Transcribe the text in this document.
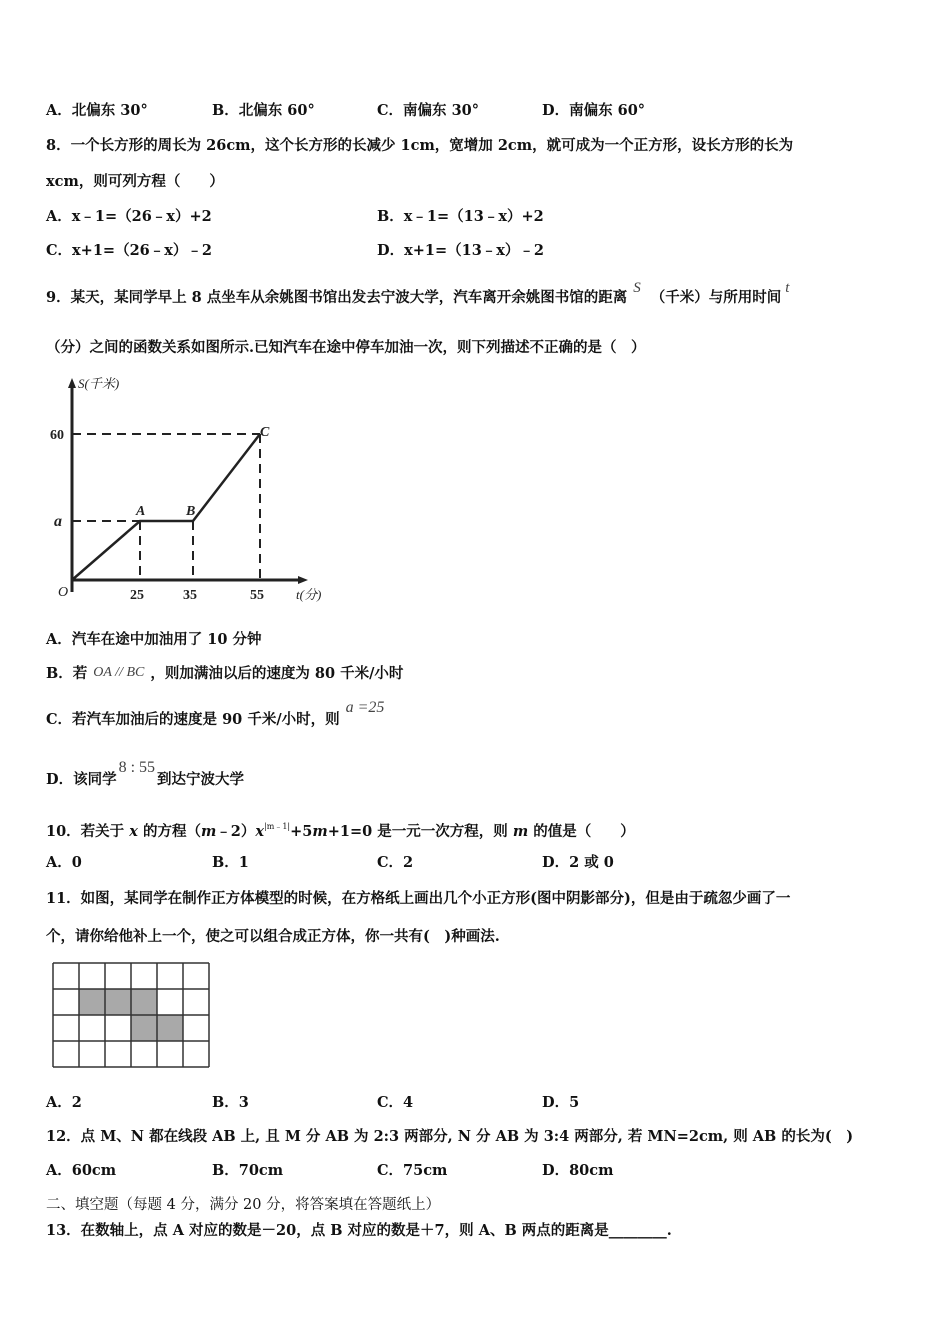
A．北偏东 30°	B．北偏东 60°	C．南偏东 30°	D．南偏东 60°
8．一个长方形的周长为 26cm，这个长方形的长减少 1cm，宽增加 2cm，就可成为一个正方形，设长方形的长为
xcm，则可列方程（　　）
A．x﹣1=（26﹣x）+2	B．x﹣1=（13﹣x）+2
C．x+1=（26﹣x）﹣2	D．x+1=（13﹣x）﹣2
9．某天，某同学早上 8 点坐车从余姚图书馆出发去宁波大学，汽车离开余姚图书馆的距离S（千米）与所用时间t
（分）之间的函数关系如图所示.已知汽车在途中停车加油一次，则下列描述不正确的是（　）
S(千米)
60
a
O	25	35	55 t(分)
A	B
C
A．汽车在途中加油用了 10 分钟
B．若 OA // BC ，则加满油以后的速度为 80 千米/小时
C．若汽车加油后的速度是 90 千米/小时，则a =25
D．该同学8 : 55到达宁波大学
10．若关于 x 的方程$(m﹣2)x^{|m﹣1|}+5m+1=0$ 是一元一次方程，则 m 的值是（　　）
A．0	B．1	C．2	D．2 或 0
11．如图，某同学在制作正方体模型的时候，在方格纸上画出几个小正方形(图中阴影部分)，但是由于疏忽少画了一
个，请你给他补上一个，使之可以组合成正方体，你一共有(　)种画法.
A．2	B．3	C．4	D．5
12．点 M、N 都在线段 AB 上, 且 M 分 AB 为 2:3 两部分, N 分 AB 为 3:4 两部分, 若 MN=2cm, 则 AB 的长为(　)
A．60cm	B．70cm	C．75cm	D．80cm
二、填空题（每题 4 分，满分 20 分，将答案填在答题纸上）
13．在数轴上，点 A 对应的数是－20，点 B 对应的数是＋7，则 A、B 两点的距离是________.
